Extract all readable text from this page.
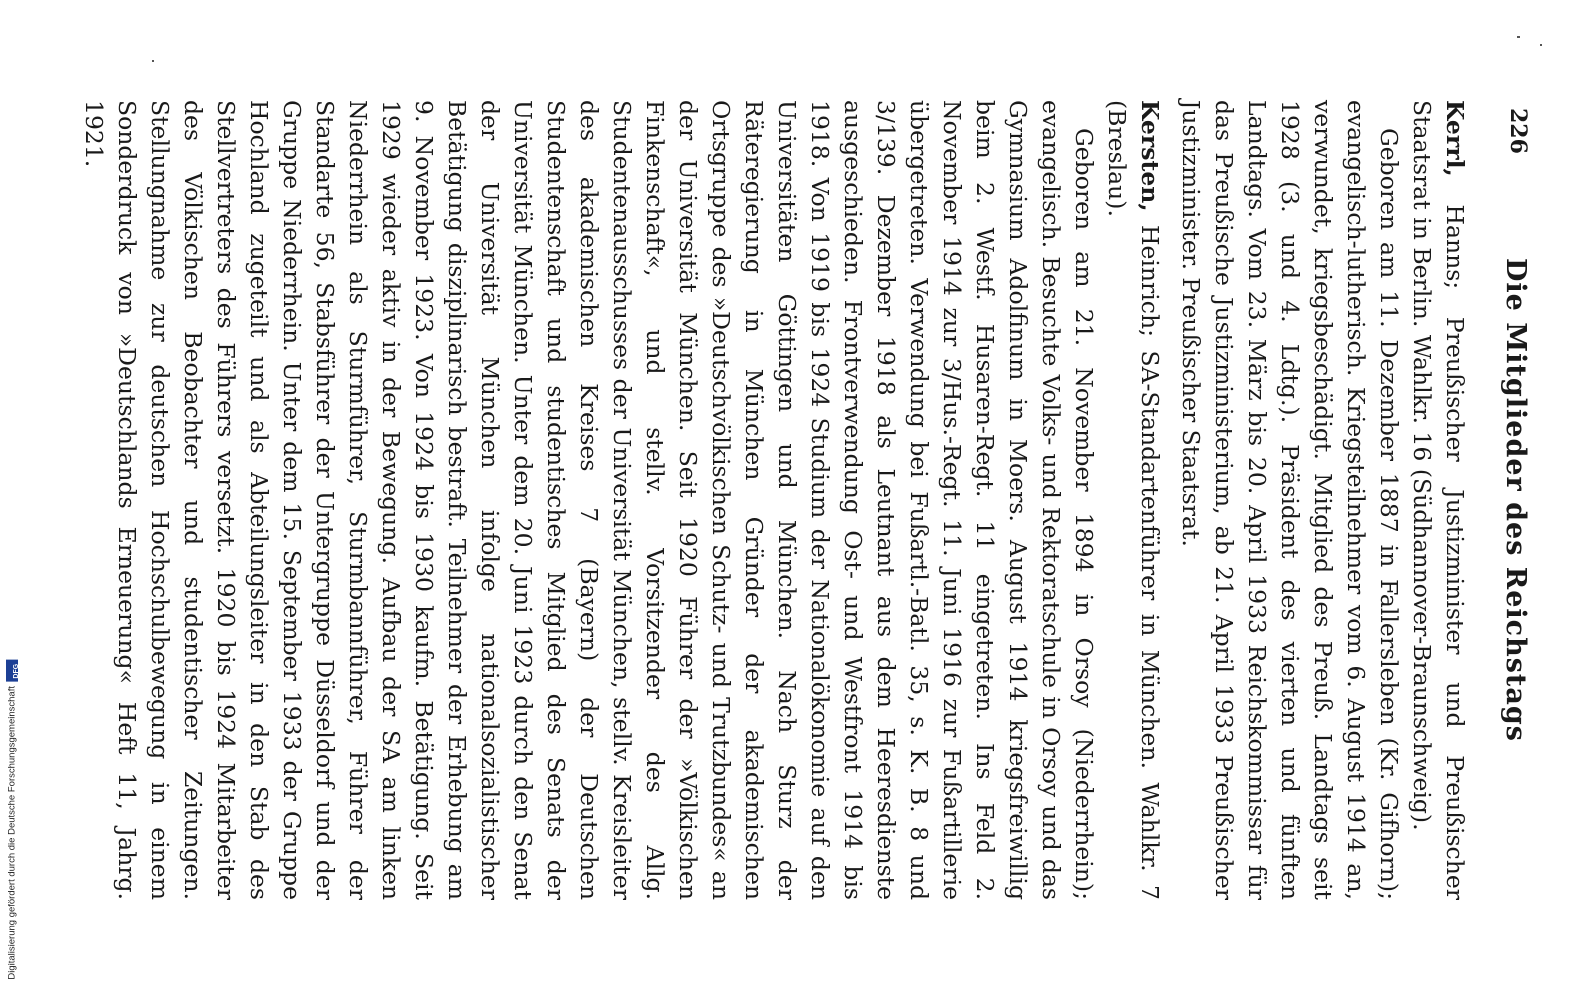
226
Die Mitglieder des Reichstags

Kerrl, Hanns; Preußischer Justizminister und Preußischer Staatsrat in Berlin. Wahlkr. 16 (Südhannover-Braunschweig).

Geboren am 11. Dezember 1887 in Fallersleben (Kr. Gifhorn); evangelisch-lutherisch. Kriegsteilnehmer vom 6. August 1914 an, verwundet, kriegsbeschädigt. Mitglied des Preuß. Landtags seit 1928 (3. und 4. Ldtg.). Präsident des vierten und fünften Landtags. Vom 23. März bis 20. April 1933 Reichskommissar für das Preußische Justizministerium, ab 21. April 1933 Preußischer Justizminister. Preußischer Staatsrat.

Kersten, Heinrich; SA-Standartenführer in München. Wahlkr. 7 (Breslau).

Geboren am 21. November 1894 in Orsoy (Niederrhein); evangelisch. Besuchte Volks- und Rektoratschule in Orsoy und das Gymnasium Adolfinum in Moers. August 1914 kriegsfreiwillig beim 2. Westf. Husaren-Regt. 11 eingetreten. Ins Feld 2. November 1914 zur 3/Hus.-Regt. 11. Juni 1916 zur Fußartillerie übergetreten. Verwendung bei Fußartl.-Batl. 35, s. K. B. 8 und 3/139. Dezember 1918 als Leutnant aus dem Heeresdienste ausgeschieden. Frontverwendung Ost- und Westfront 1914 bis 1918. Von 1919 bis 1924 Studium der Nationalökonomie auf den Universitäten Göttingen und München. Nach Sturz der Räteregierung in München Gründer der akademischen Ortsgruppe des »Deutschvölkischen Schutz- und Trutzbundes« an der Universität München. Seit 1920 Führer der »Völkischen Finkenschaft«, und stellv. Vorsitzender des Allg. Studentenausschusses der Universität München, stellv. Kreisleiter des akademischen Kreises 7 (Bayern) der Deutschen Studentenschaft und studentisches Mitglied des Senats der Universität München. Unter dem 20. Juni 1923 durch den Senat der Universität München infolge nationalsozialistischer Betätigung disziplinarisch bestraft. Teilnehmer der Erhebung am 9. November 1923. Von 1924 bis 1930 kaufm. Betätigung. Seit 1929 wieder aktiv in der Bewegung. Aufbau der SA am linken Niederrhein als Sturmführer, Sturmbannführer, Führer der Standarte 56, Stabsführer der Untergruppe Düsseldorf und der Gruppe Niederrhein. Unter dem 15. September 1933 der Gruppe Hochland zugeteilt und als Abteilungsleiter in den Stab des Stellvertreters des Führers versetzt. 1920 bis 1924 Mitarbeiter des Völkischen Beobachter und studentischer Zeitungen. Stellungnahme zur deutschen Hochschulbewegung in einem Sonderdruck von »Deutschlands Erneuerung« Heft 11, Jahrg. 1921.

Digitalisierung gefördert durch die Deutsche Forschungsgemeinschaft
DFG
